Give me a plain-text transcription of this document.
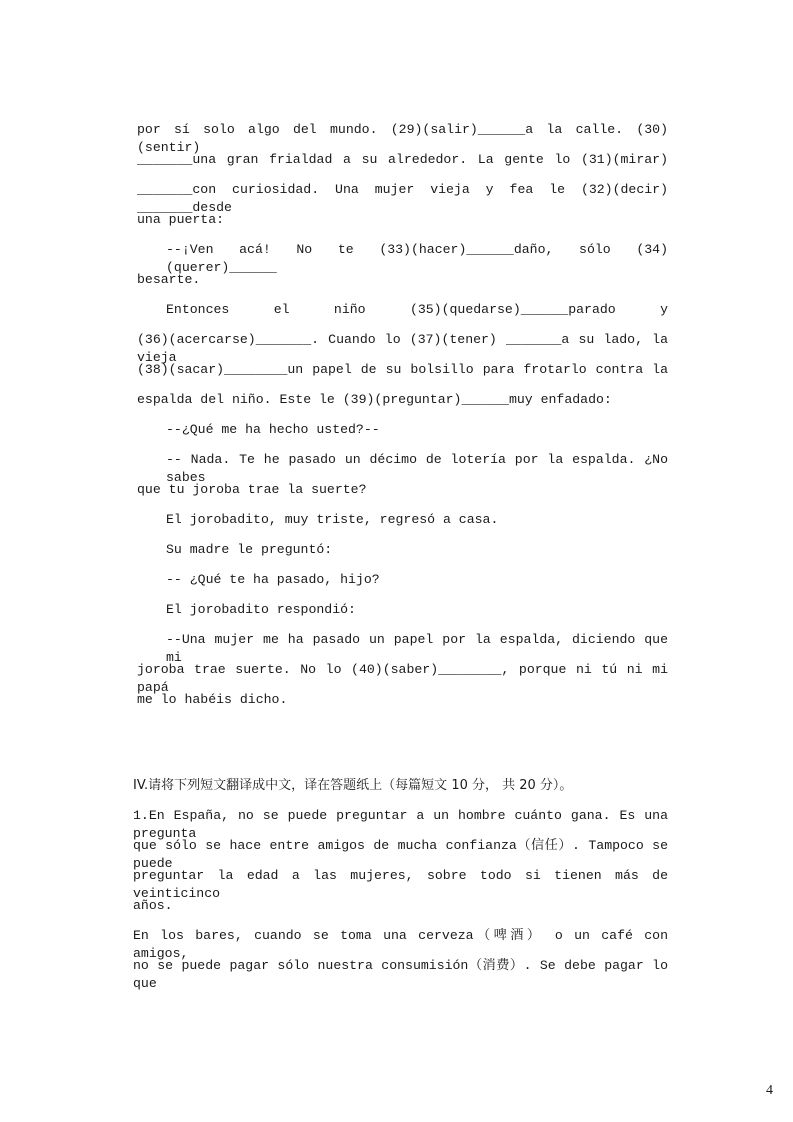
por sí solo algo del mundo. (29)(salir)______a la calle. (30)(sentir)
_______una gran frialdad a su alrededor. La gente lo (31)(mirar)
_______con curiosidad. Una mujer vieja y fea le (32)(decir) _______desde
una puerta:
--¡Ven acá! No te (33)(hacer)______daño, sólo (34)(querer)______
besarte.
Entonces el niño (35)(quedarse)______parado y
(36)(acercarse)_______. Cuando lo (37)(tener) _______a su lado, la vieja
(38)(sacar)________un papel de su bolsillo para frotarlo contra la
espalda del niño. Este le (39)(preguntar)______muy enfadado:
--¿Qué me ha hecho usted?--
-- Nada. Te he pasado un décimo de lotería por la espalda. ¿No sabes
que tu joroba trae la suerte?
El jorobadito, muy triste, regresó a casa.
Su madre le preguntó:
-- ¿Qué te ha pasado, hijo?
El jorobadito respondió:
--Una mujer me ha pasado un papel por la espalda, diciendo que mi
joroba trae suerte. No lo (40)(saber)________, porque ni tú ni mi papá
me lo habéis dicho.
IV.请将下列短文翻译成中文，译在答题纸上（每篇短文 10 分， 共 20 分）。
1.En España, no se puede preguntar a un hombre cuánto gana. Es una pregunta
que sólo se hace entre amigos de mucha confianza（信任）. Tampoco se puede
preguntar la edad a las mujeres, sobre todo si tienen más de veinticinco
años.
En los bares, cuando se toma una cerveza（啤酒） o un café con amigos,
no se puede pagar sólo nuestra consumisión（消费）. Se debe pagar lo que
4
